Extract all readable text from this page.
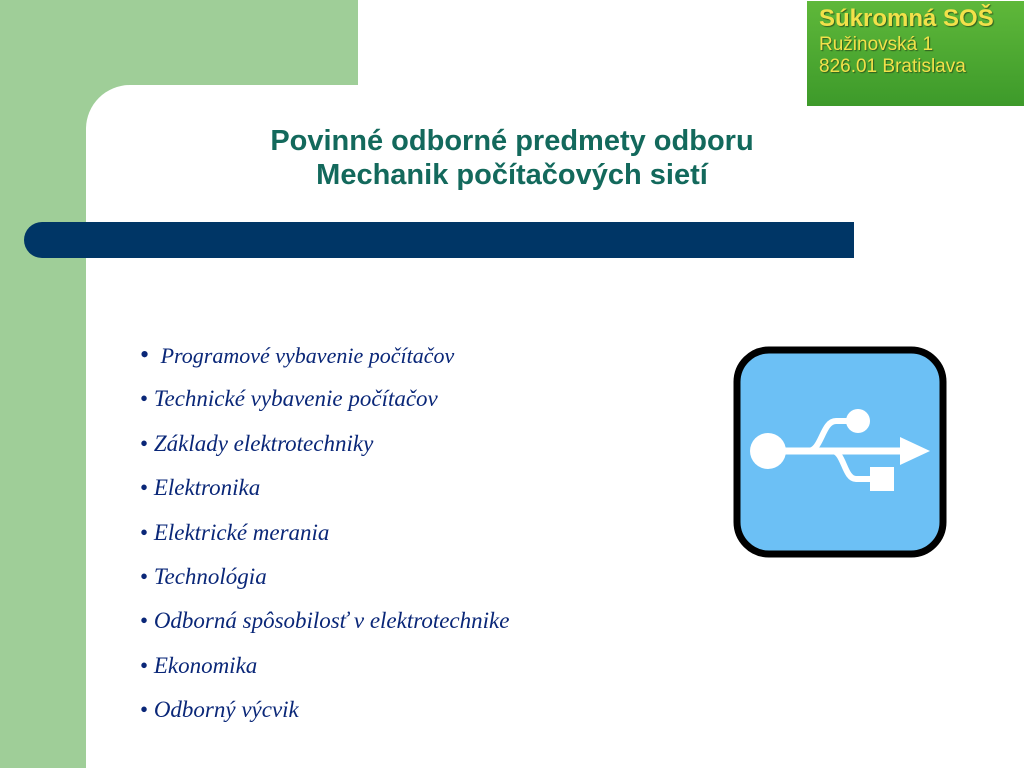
Súkromná SOŠ
Ružinovská 1
826.01 Bratislava
Povinné odborné predmety odboru
Mechanik počítačových sietí
• Programové vybavenie počítačov
• Technické vybavenie počítačov
• Základy elektrotechniky
• Elektronika
• Elektrické merania
• Technológia
• Odborná spôsobilosť v elektrotechnike
• Ekonomika
• Odborný výcvik
